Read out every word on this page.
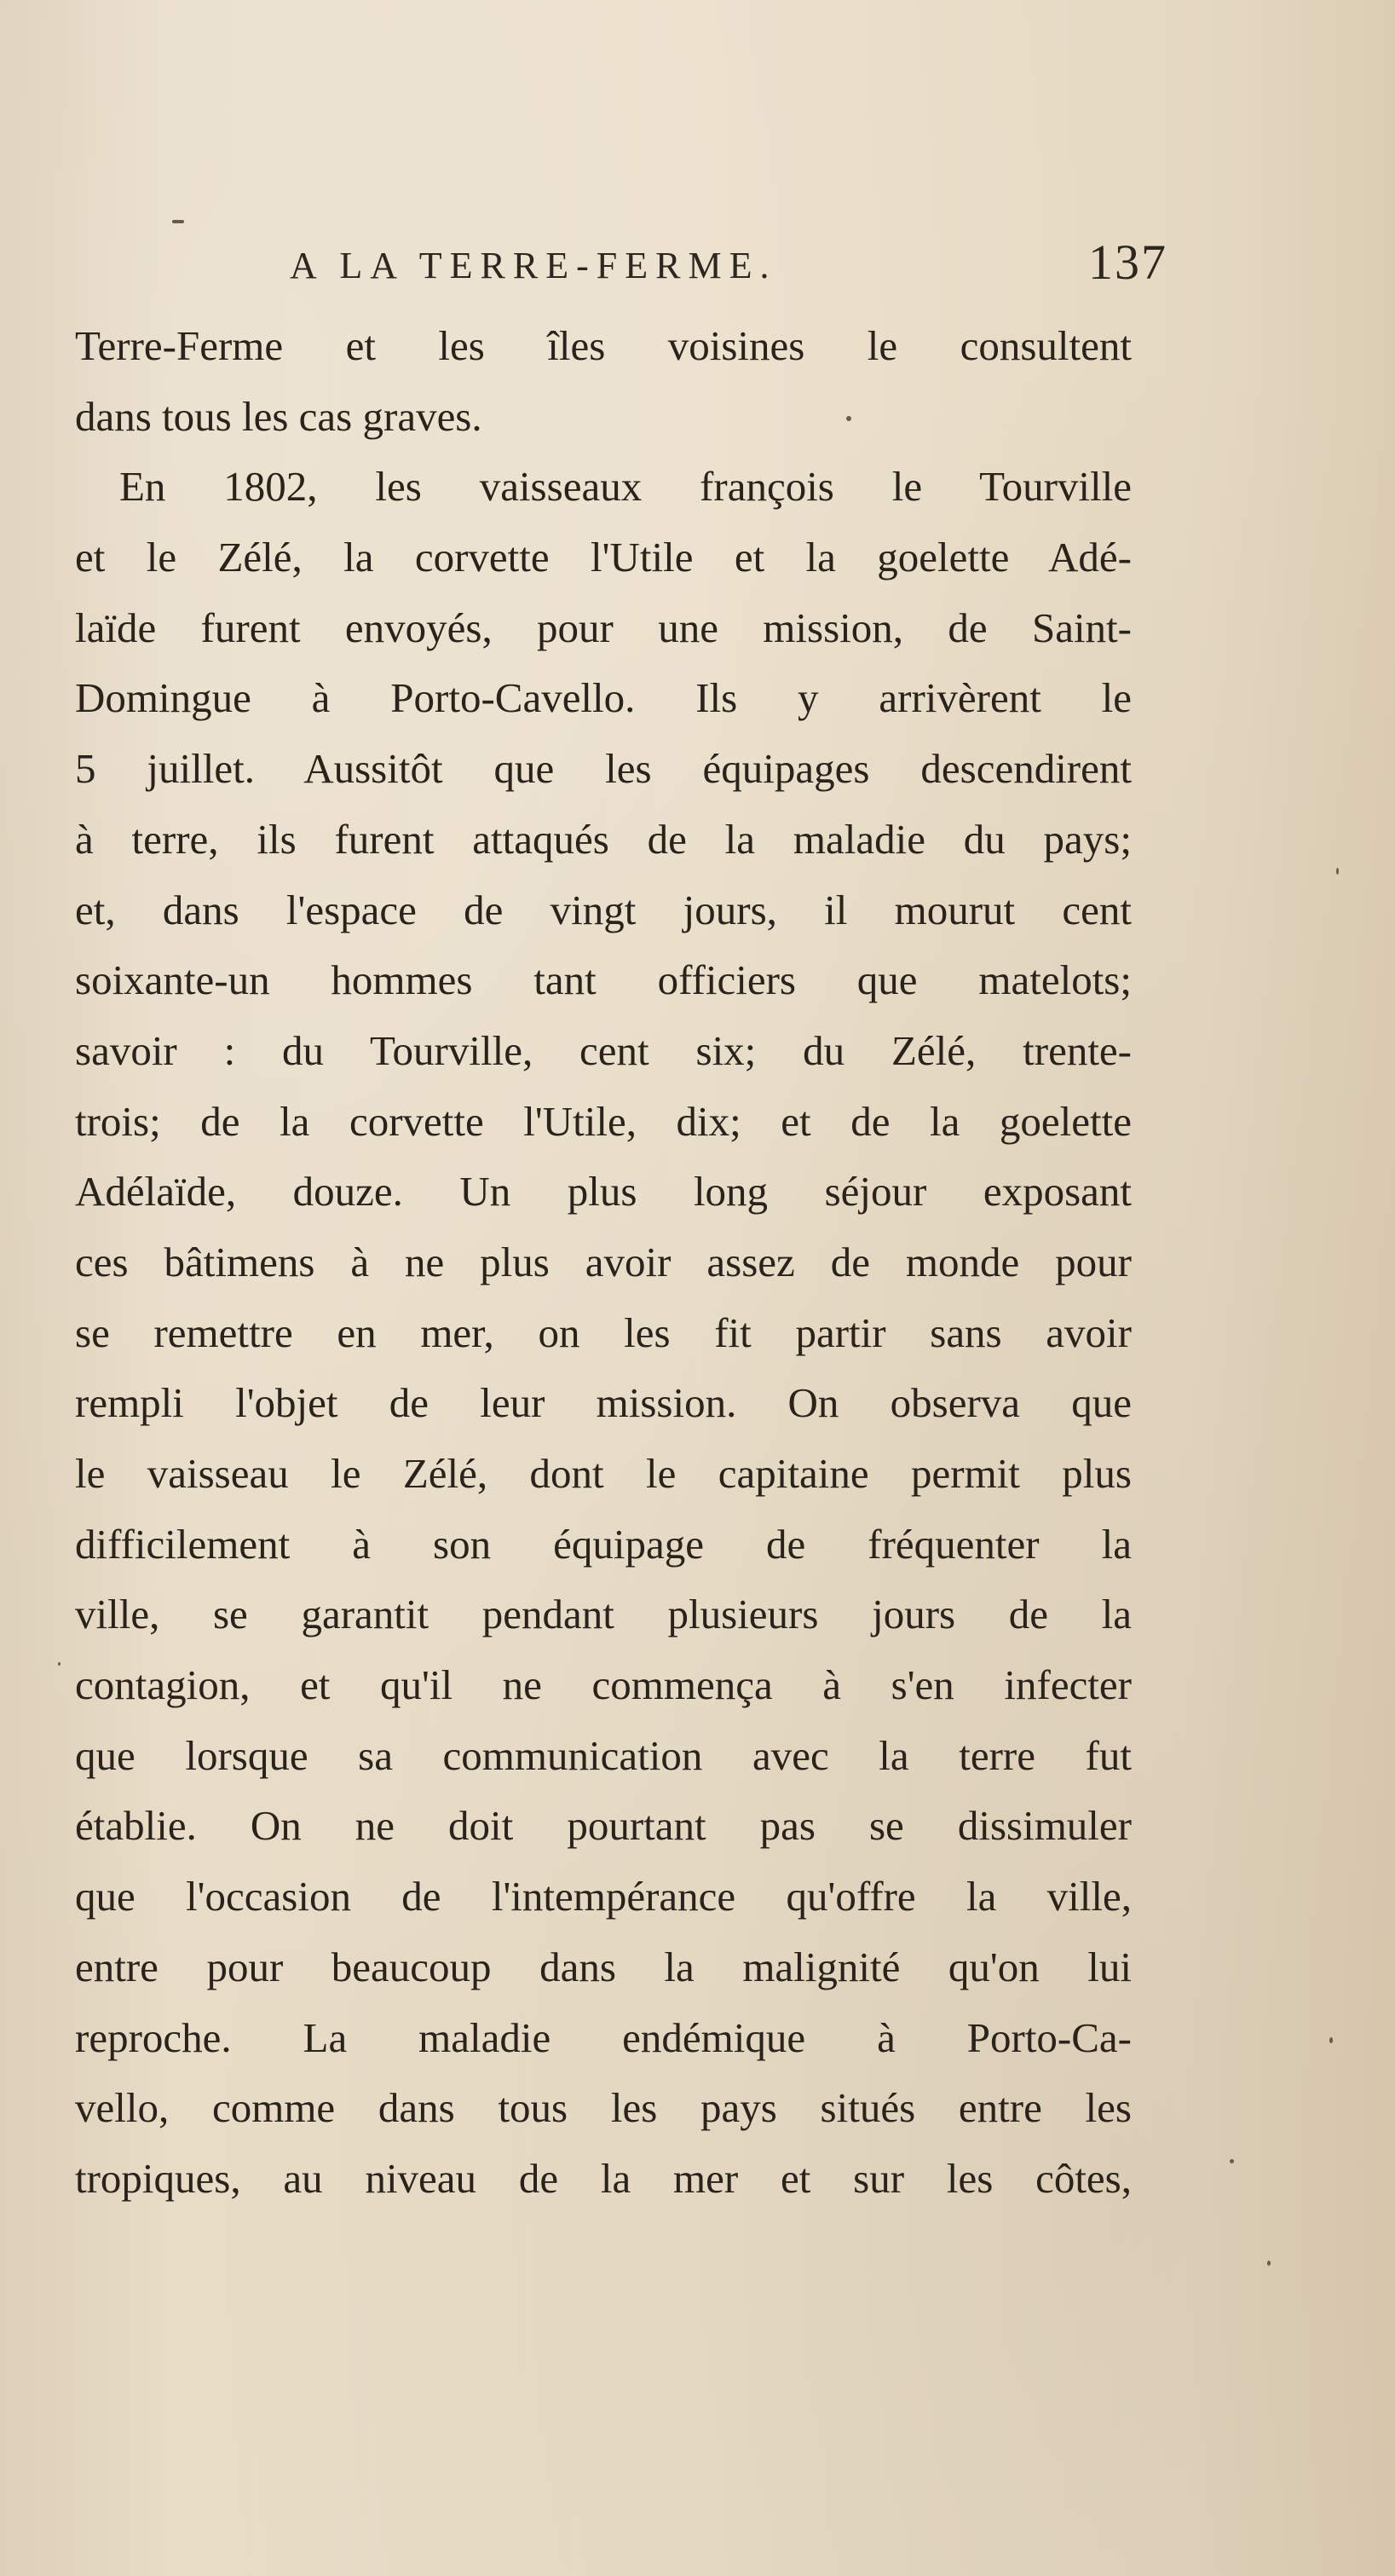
A LA TERRE-FERME.	137
Terre-Ferme et les îles voisines le consultent
dans tous les cas graves.
En 1802, les vaisseaux françois le Tourville
et le Zélé, la corvette l'Utile et la goelette Adé-
laïde furent envoyés, pour une mission, de Saint-
Domingue à Porto-Cavello. Ils y arrivèrent le
5 juillet. Aussitôt que les équipages descendirent
à terre, ils furent attaqués de la maladie du pays;
et, dans l'espace de vingt jours, il mourut cent
soixante-un hommes tant officiers que matelots;
savoir : du Tourville, cent six; du Zélé, trente-
trois; de la corvette l'Utile, dix; et de la goelette
Adélaïde, douze. Un plus long séjour exposant
ces bâtimens à ne plus avoir assez de monde pour
se remettre en mer, on les fit partir sans avoir
rempli l'objet de leur mission. On observa que
le vaisseau le Zélé, dont le capitaine permit plus
difficilement à son équipage de fréquenter la
ville, se garantit pendant plusieurs jours de la
contagion, et qu'il ne commença à s'en infecter
que lorsque sa communication avec la terre fut
établie. On ne doit pourtant pas se dissimuler
que l'occasion de l'intempérance qu'offre la ville,
entre pour beaucoup dans la malignité qu'on lui
reproche. La maladie endémique à Porto-Ca-
vello, comme dans tous les pays situés entre les
tropiques, au niveau de la mer et sur les côtes,
